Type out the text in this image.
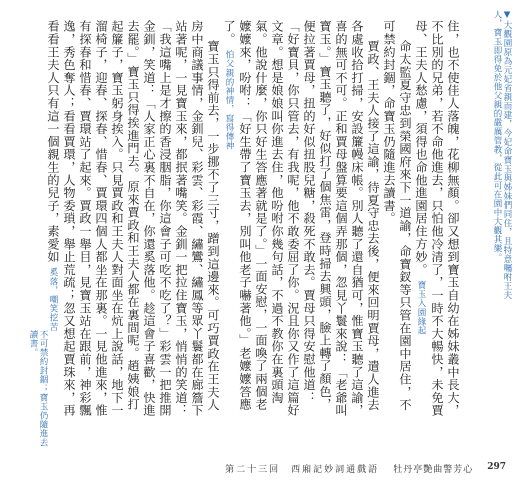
▼大觀園原為元妃省親而建，今妃命寶玉與姊妹們同住，且特意囑咐王夫人，寶玉即得免於他父親的嚴厲管教，從此可在園中大觀其樂。

住，也不使佳人落魄，花柳無顏。卻又想到寶玉自幼在姊妹叢中長大，不比別的兄弟，若不命他進去，只怕他冷清了，一時不大暢快，未免賈母、王夫人愁慮，須得也命他進園居住方妙。 寶玉入園緣起

命太監夏守忠到榮國府來下一道諭，命寶釵等只管在園中居住，不可禁約封錮，命寶玉仍隨進去讀書。

賈政、王夫人接了這諭，待夏守忠去後，便來回明賈母，遣人進去各處收拾打掃，安設簾幔床帳。別人聽了還自猶可，惟寶玉聽了這諭，喜的無可不可。正和賈母盤算要這個弄那個，忽見丫鬟來說：「老爺叫寶玉。」寶玉聽了，好似打了個焦雷，登時掃去興頭，臉上轉了顏色，便拉著賈母，扭的好似扭股兒糖，殺死不敢去。賈母只得安慰他道：「好寶貝，你只管去，有我呢，他不敢委屈了你。況且你又作了這篇好文章。想是娘娘叫你進去住，他吩咐你幾句話，不過不教你在裏頭淘氣。他說什麼，你只好生答應著就是了。」一面安慰，一面喚了兩個老嬤嬤來，吩咐：「好生帶了寶玉去，別叫他老子嚇著他。」老嬤嬤答應了。 怕父親的神情，寫得傳神

寶玉只得前去，一步挪不了三寸，蹭到這邊來。可巧賈政在王夫人房中商議事情，金釧兒、彩雲、彩霞、繡鸞、繡鳳等眾丫鬟都在廊簷下站著呢，一見寶玉來，都抿著嘴笑。金釧一把拉住寶玉，悄悄的笑道：「我這嘴上是才擦的香浸胭脂，你這會子可吃不吃了？」彩雲一把推開金釧，笑道：「人家正心裏不自在，你還奚落他。趁這會子喜歡，快進去罷。」寶玉只得挨進門去。原來賈政和王夫人都在裏間呢。趙姨娘打起簾子，寶玉躬身挨入。只見賈政和王夫人對面坐在炕上說話，地下一溜椅子，迎春、探春、惜春、賈環四個人都坐在那裏。一見他進來，惟有探春和惜春、賈環站了起來。賈政一舉目，見寶玉站在跟前，神彩飄逸，秀色奪人；看看賈環，人物委瑣，舉止荒疏；忽又想起賈珠來，再看看王夫人只有這一個親生的兒子，素愛如 奚落，嘲笑挖苦

不可禁約封錮；寶玉仍隨進去讀書。
第二十三回　西廂記妙詞通戲語 牡丹亭艷曲警芳心 297
